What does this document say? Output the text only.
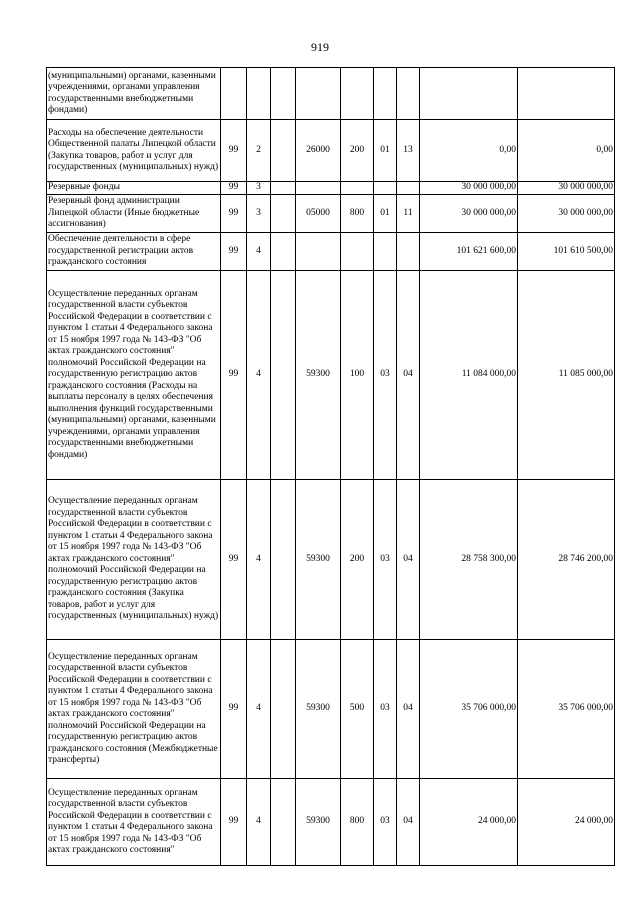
919
(муниципальными) органами, казенными учреждениями, органами управления государственными внебюджетными фондами)									
Расходы на обеспечение деятельности Общественной палаты Липецкой области (Закупка товаров, работ и услуг для государственных (муниципальных) нужд)	99	2		26000	200	01	13	0,00	0,00
Резервные фонды	99	3						30 000 000,00	30 000 000,00
Резервный фонд администрации Липецкой области (Иные бюджетные ассигнования)	99	3		05000	800	01	11	30 000 000,00	30 000 000,00
Обеспечение деятельности в сфере государственной регистрации актов гражданского состояния	99	4						101 621 600,00	101 610 500,00
Осуществление переданных органам государственной власти субъектов Российской Федерации в соответствии с пунктом 1 статьи 4 Федерального закона от 15 ноября 1997 года № 143-ФЗ "Об актах гражданского состояния" полномочий Российской Федерации на государственную регистрацию актов гражданского состояния (Расходы на выплаты персоналу в целях обеспечения выполнения функций государственными (муниципальными) органами, казенными учреждениями, органами управления государственными внебюджетными фондами)	99	4		59300	100	03	04	11 084 000,00	11 085 000,00
Осуществление переданных органам государственной власти субъектов Российской Федерации в соответствии с пунктом 1 статьи 4 Федерального закона от 15 ноября 1997 года № 143-ФЗ "Об актах гражданского состояния" полномочий Российской Федерации на государственную регистрацию актов гражданского состояния (Закупка товаров, работ и услуг для государственных (муниципальных) нужд)	99	4		59300	200	03	04	28 758 300,00	28 746 200,00
Осуществление переданных органам государственной власти субъектов Российской Федерации в соответствии с пунктом 1 статьи 4 Федерального закона от 15 ноября 1997 года № 143-ФЗ "Об актах гражданского состояния" полномочий Российской Федерации на государственную регистрацию актов гражданского состояния (Межбюджетные трансферты)	99	4		59300	500	03	04	35 706 000,00	35 706 000,00
Осуществление переданных органам государственной власти субъектов Российской Федерации в соответствии с пунктом 1 статьи 4 Федерального закона от 15 ноября 1997 года № 143-ФЗ "Об актах гражданского состояния"	99	4		59300	800	03	04	24 000,00	24 000,00
